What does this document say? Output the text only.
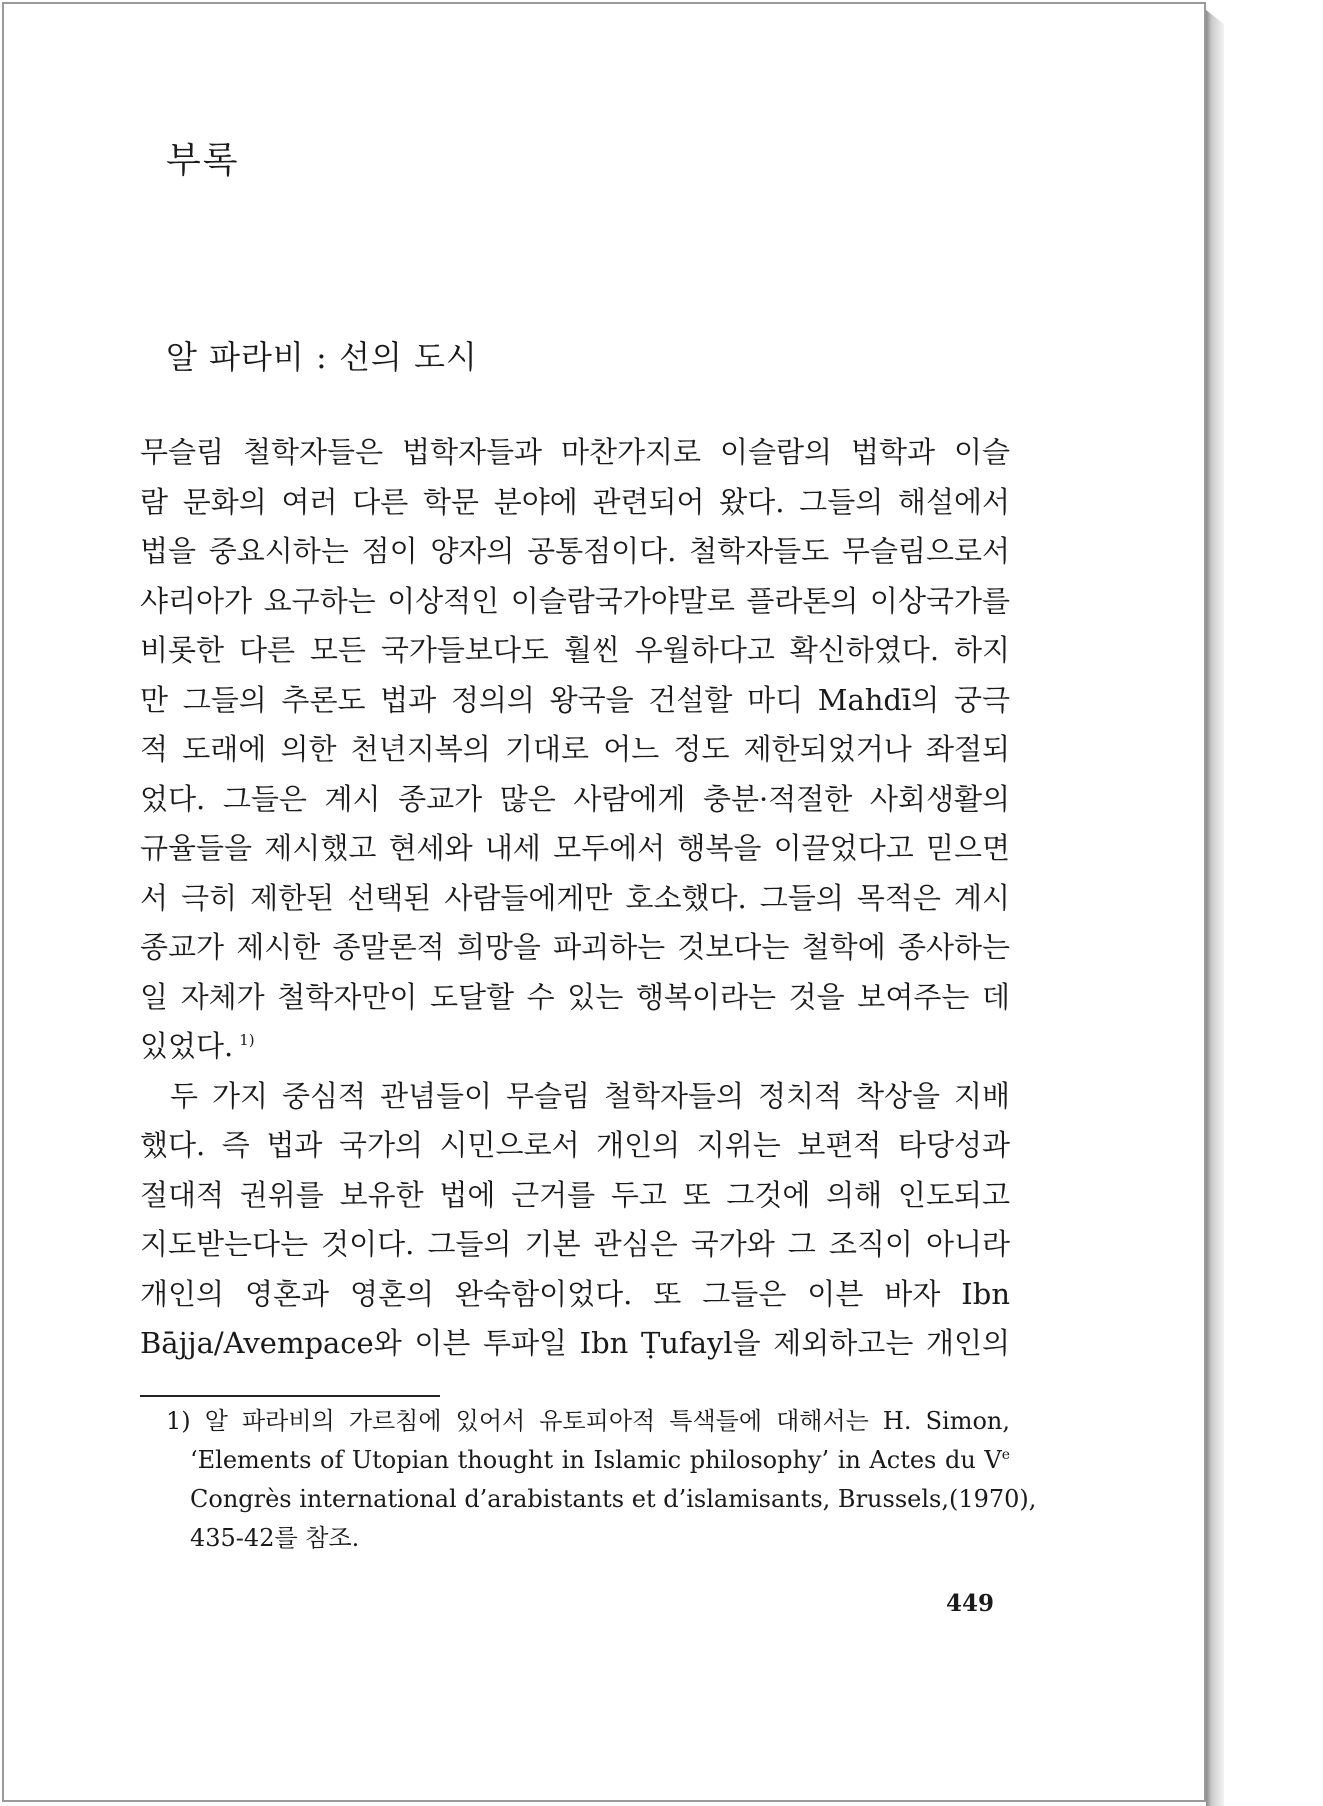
부록
알 파라비 : 선의 도시
무슬림 철학자들은 법학자들과 마찬가지로 이슬람의 법학과 이슬
람 문화의 여러 다른 학문 분야에 관련되어 왔다. 그들의 해설에서
법을 중요시하는 점이 양자의 공통점이다. 철학자들도 무슬림으로서
샤리아가 요구하는 이상적인 이슬람국가야말로 플라톤의 이상국가를
비롯한 다른 모든 국가들보다도 훨씬 우월하다고 확신하였다. 하지
만 그들의 추론도 법과 정의의 왕국을 건설할 마디 Mahdī의 궁극
적 도래에 의한 천년지복의 기대로 어느 정도 제한되었거나 좌절되
었다. 그들은 계시 종교가 많은 사람에게 충분·적절한 사회생활의
규율들을 제시했고 현세와 내세 모두에서 행복을 이끌었다고 믿으면
서 극히 제한된 선택된 사람들에게만 호소했다. 그들의 목적은 계시
종교가 제시한 종말론적 희망을 파괴하는 것보다는 철학에 종사하는
일 자체가 철학자만이 도달할 수 있는 행복이라는 것을 보여주는 데
있었다. $^{1)}$
두 가지 중심적 관념들이 무슬림 철학자들의 정치적 착상을 지배
했다. 즉 법과 국가의 시민으로서 개인의 지위는 보편적 타당성과
절대적 권위를 보유한 법에 근거를 두고 또 그것에 의해 인도되고
지도받는다는 것이다. 그들의 기본 관심은 국가와 그 조직이 아니라
개인의 영혼과 영혼의 완숙함이었다. 또 그들은 이븐 바자 Ibn
Bājja/Avempace와 이븐 투파일 Ibn Ṭufayl을 제외하고는 개인의
1) 알 파라비의 가르침에 있어서 유토피아적 특색들에 대해서는 H. Simon,
‘Elements of Utopian thought in Islamic philosophy’ in Actes du Ve
Congrès international d’arabistants et d’islamisants, Brussels,(1970),
435-42를 참조.
449
